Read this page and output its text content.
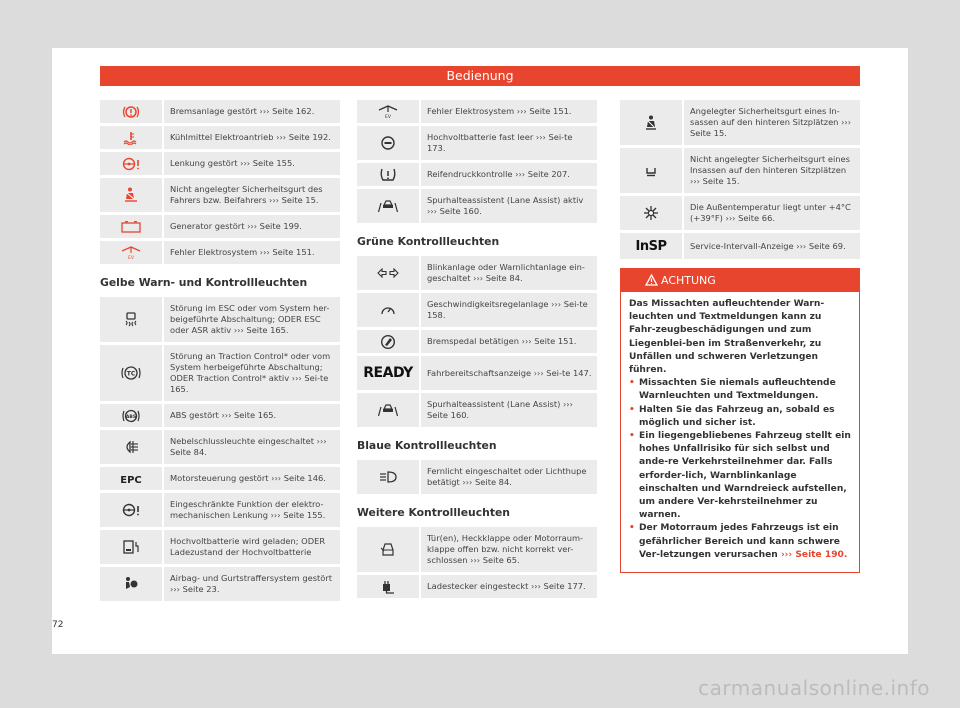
Bedienung
Bremsanlage gestört ››› Seite 162.
Kühlmittel Elektroantrieb ››› Seite 192.
Lenkung gestört ››› Seite 155.
Nicht angelegter Sicherheitsgurt des Fahrers bzw. Beifahrers ››› Seite 15.
Generator gestört ››› Seite 199.
EV
Fehler Elektrosystem ››› Seite 151.
Gelbe Warn- und Kontrollleuchten
Störung im ESC oder vom System her-beigeführte Abschaltung; ODER ESC oder ASR aktiv ››› Seite 165.
TC
Störung an Traction Control* oder vom System herbeigeführte Abschaltung; ODER Traction Control* aktiv ››› Sei-te 165.
ABS	ABS gestört ››› Seite 165.
Nebelschlussleuchte eingeschaltet ››› Seite 84.
EPC	Motorsteuerung gestört ››› Seite 146.
Eingeschränkte Funktion der elektro-mechanischen Lenkung ››› Seite 155.
Hochvoltbatterie wird geladen; ODER Ladezustand der Hochvoltbatterie
Airbag- und Gurtstraffersystem gestört ››› Seite 23.
EV
Fehler Elektrosystem ››› Seite 151.
Hochvoltbatterie fast leer ››› Sei-te 173.
Reifendruckkontrolle ››› Seite 207.
Spurhalteassistent (Lane Assist) aktiv ››› Seite 160.
Grüne Kontrollleuchten
Blinkanlage oder Warnlichtanlage ein-geschaltet ››› Seite 84.
Geschwindigkeitsregelanlage ››› Sei-te 158.
Bremspedal betätigen ››› Seite 151.
READY	Fahrbereitschaftsanzeige ››› Sei-te 147.
Spurhalteassistent (Lane Assist) ››› Seite 160.
Blaue Kontrollleuchten
Fernlicht eingeschaltet oder Lichthupe betätigt ››› Seite 84.
Weitere Kontrollleuchten
Tür(en), Heckklappe oder Motorraum-klappe offen bzw. nicht korrekt ver-schlossen ››› Seite 65.
Ladestecker eingesteckt ››› Seite 177.
Angelegter Sicherheitsgurt eines In-sassen auf den hinteren Sitzplätzen ››› Seite 15.
Nicht angelegter Sicherheitsgurt eines Insassen auf den hinteren Sitzplätzen ››› Seite 15.
Die Außentemperatur liegt unter +4°C (+39°F) ››› Seite 66.
InSP	Service-Intervall-Anzeige ››› Seite 69.
ACHTUNG

Das Missachten aufleuchtender Warn-leuchten und Textmeldungen kann zu Fahr-zeugbeschädigungen und zum Liegenblei-ben im Straßenverkehr, zu Unfällen und schweren Verletzungen führen.

• Missachten Sie niemals aufleuchtende Warnleuchten und Textmeldungen.
• Halten Sie das Fahrzeug an, sobald es möglich und sicher ist.
• Ein liegengebliebenes Fahrzeug stellt ein hohes Unfallrisiko für sich selbst und ande-re Verkehrsteilnehmer dar. Falls erforder-lich, Warnblinkanlage einschalten und Warndreieck aufstellen, um andere Ver-kehrsteilnehmer zu warnen.
• Der Motorraum jedes Fahrzeugs ist ein gefährlicher Bereich und kann schwere Ver-letzungen verursachen ››› Seite 190.
72
carmanualsonline.info
